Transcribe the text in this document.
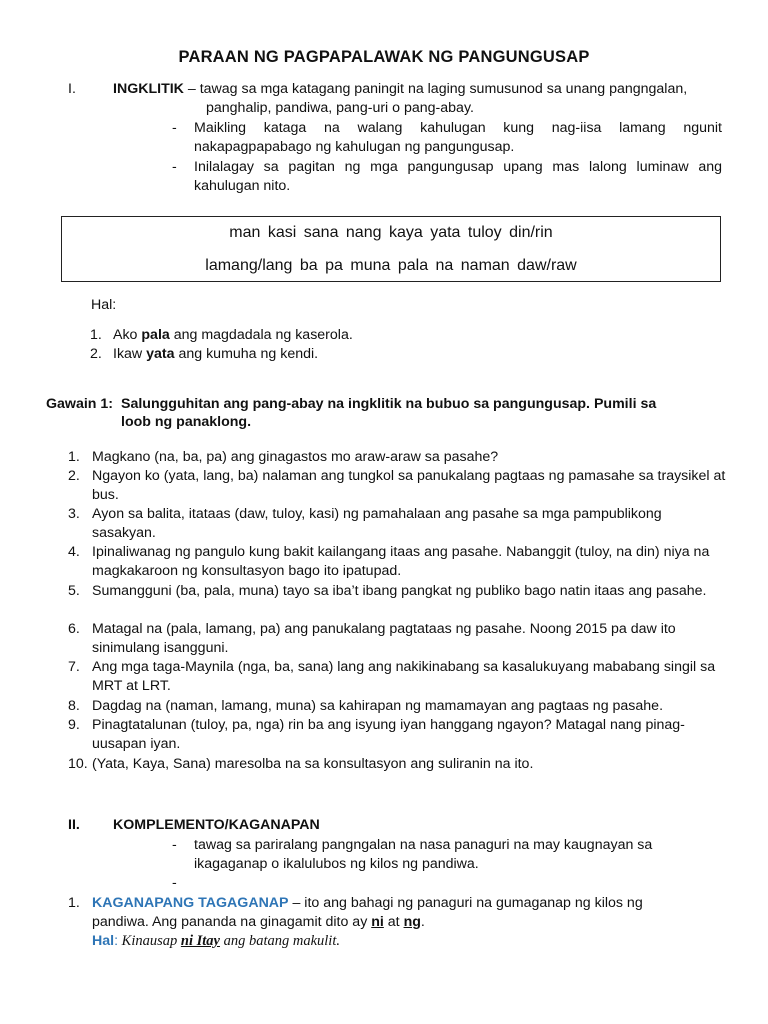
PARAAN NG PAGPAPALAWAK NG PANGUNGUSAP
I.	INGKLITIK – tawag sa mga katagang paningit na laging sumusunod sa unang pangngalan,
panghalip, pandiwa, pang-uri o pang-abay.
- Maikling kataga na walang kahulugan kung nag-iisa lamang ngunit nakapagpapabago ng kahulugan ng pangungusap.
- Inilalagay sa pagitan ng mga pangungusap upang mas lalong luminaw ang kahulugan nito.
man kasi sana nang kaya yata tuloy din/rin
lamang/lang ba pa muna pala na naman daw/raw
Hal:
1. Ako pala ang magdadala ng kaserola.
2. Ikaw yata ang kumuha ng kendi.
Gawain 1: Salungguhitan ang pang-abay na ingklitik na bubuo sa pangungusap. Pumili sa
loob ng panaklong.
1. Magkano (na, ba, pa) ang ginagastos mo araw-araw sa pasahe?
2. Ngayon ko (yata, lang, ba) nalaman ang tungkol sa panukalang pagtaas ng pamasahe sa traysikel at bus.
3. Ayon sa balita, itataas (daw, tuloy, kasi) ng pamahalaan ang pasahe sa mga pampublikong sasakyan.
4. Ipinaliwanag ng pangulo kung bakit kailangang itaas ang pasahe. Nabanggit (tuloy, na din) niya na magkakaroon ng konsultasyon bago ito ipatupad.
5. Sumangguni (ba, pala, muna) tayo sa iba’t ibang pangkat ng publiko bago natin itaas ang pasahe.
6. Matagal na (pala, lamang, pa) ang panukalang pagtataas ng pasahe. Noong 2015 pa daw ito sinimulang isangguni.
7. Ang mga taga-Maynila (nga, ba, sana) lang ang nakikinabang sa kasalukuyang mababang singil sa MRT at LRT.
8. Dagdag na (naman, lamang, muna) sa kahirapan ng mamamayan ang pagtaas ng pasahe.
9. Pinagtatalunan (tuloy, pa, nga) rin ba ang isyung iyan hanggang ngayon? Matagal nang pinag-uusapan iyan.
10. (Yata, Kaya, Sana) maresolba na sa konsultasyon ang suliranin na ito.
II. KOMPLEMENTO/KAGANAPAN
- tawag sa pariralang pangngalan na nasa panaguri na may kaugnayan sa ikagaganap o ikalulubos ng kilos ng pandiwa.
-
1. KAGANAPANG TAGAGANAP – ito ang bahagi ng panaguri na gumaganap ng kilos ng
pandiwa. Ang pananda na ginagamit dito ay ni at ng.
Hal: Kinausap ni Itay ang batang makulit.
